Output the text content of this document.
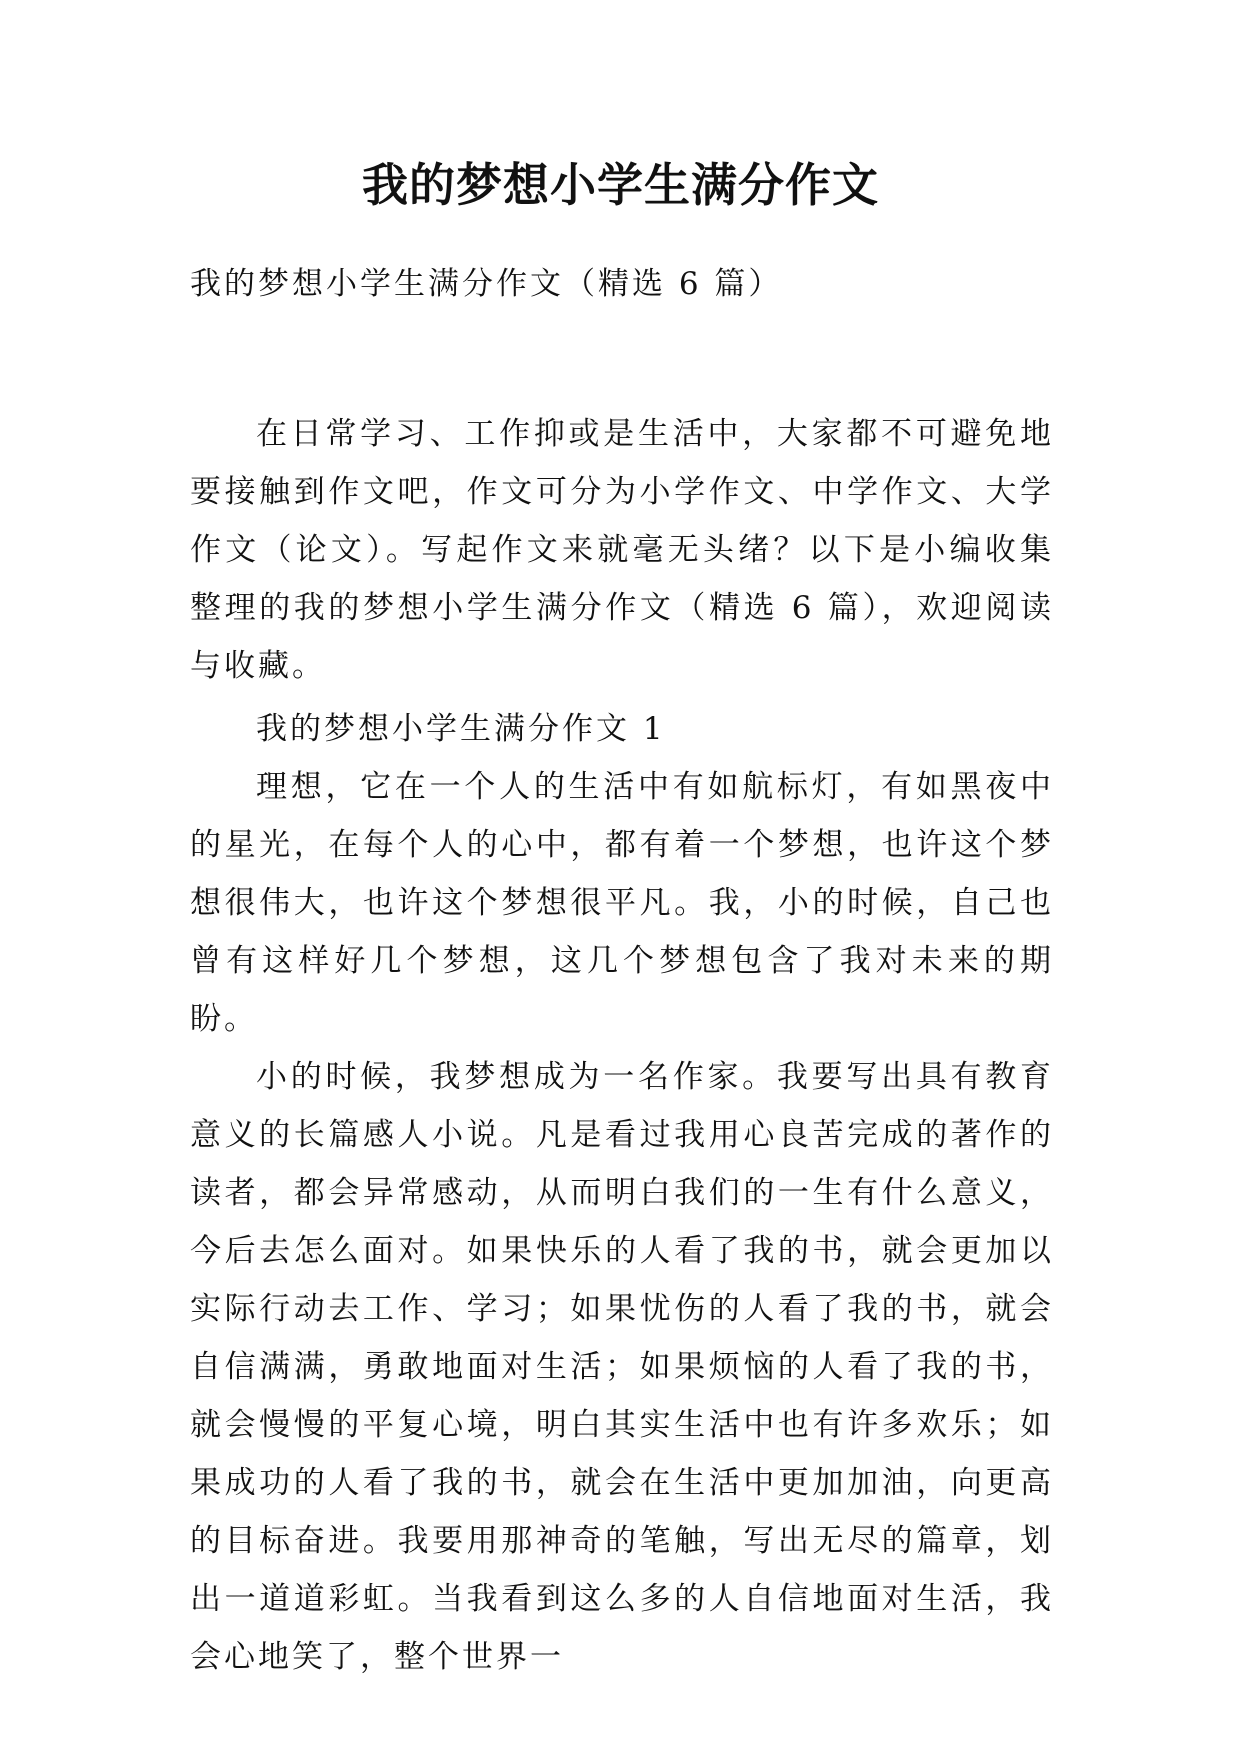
我的梦想小学生满分作文
我的梦想小学生满分作文（精选 6 篇）

在日常学习、工作抑或是生活中，大家都不可避免地要接触到作文吧，作文可分为小学作文、中学作文、大学作文（论文）。写起作文来就毫无头绪？以下是小编收集整理的我的梦想小学生满分作文（精选 6 篇），欢迎阅读与收藏。

我的梦想小学生满分作文 1

理想，它在一个人的生活中有如航标灯，有如黑夜中的星光，在每个人的心中，都有着一个梦想，也许这个梦想很伟大，也许这个梦想很平凡。我，小的时候，自己也曾有这样好几个梦想，这几个梦想包含了我对未来的期盼。

小的时候，我梦想成为一名作家。我要写出具有教育意义的长篇感人小说。凡是看过我用心良苦完成的著作的读者，都会异常感动，从而明白我们的一生有什么意义，今后去怎么面对。如果快乐的人看了我的书，就会更加以实际行动去工作、学习；如果忧伤的人看了我的书，就会自信满满，勇敢地面对生活；如果烦恼的人看了我的书，就会慢慢的平复心境，明白其实生活中也有许多欢乐；如果成功的人看了我的书，就会在生活中更加加油，向更高的目标奋进。我要用那神奇的笔触，写出无尽的篇章，划出一道道彩虹。当我看到这么多的人自信地面对生活，我会心地笑了，整个世界一
